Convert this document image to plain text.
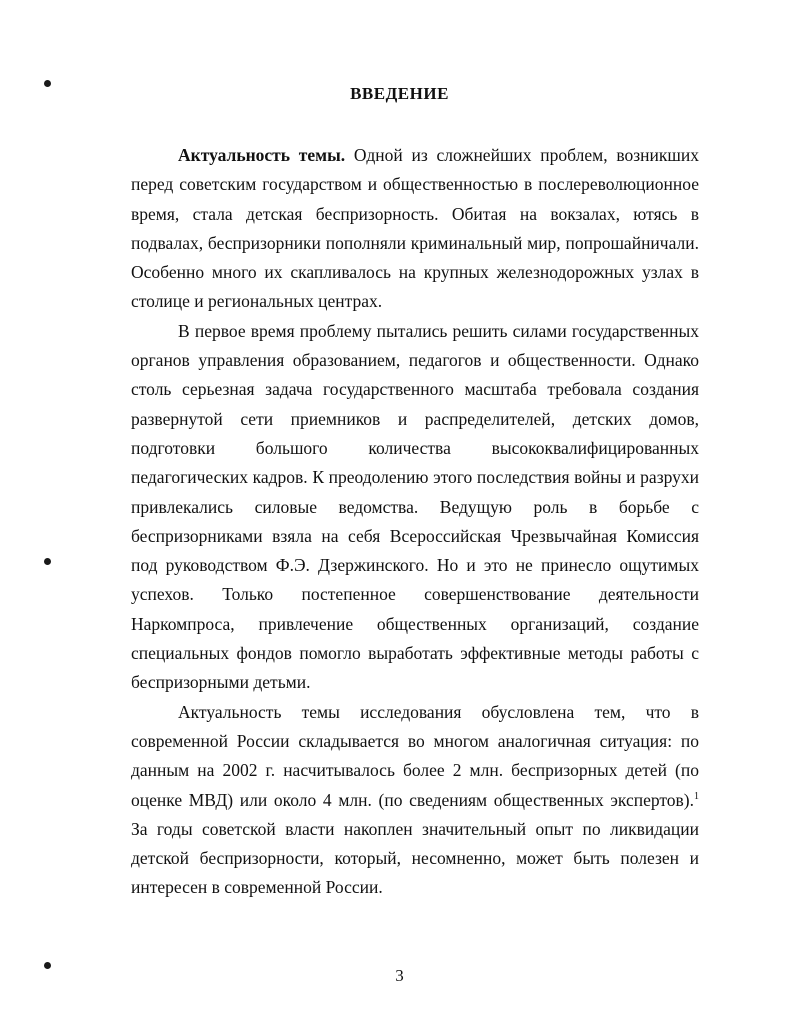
ВВЕДЕНИЕ

Актуальность темы. Одной из сложнейших проблем, возникших перед советским государством и общественностью в послереволюционное время, стала детская беспризорность. Обитая на вокзалах, ютясь в подвалах, беспризорники пополняли криминальный мир, попрошайничали. Особенно много их скапливалось на крупных железнодорожных узлах в столице и региональных центрах.

В первое время проблему пытались решить силами государственных органов управления образованием, педагогов и общественности. Однако столь серьезная задача государственного масштаба требовала создания развернутой сети приемников и распределителей, детских домов, подготовки большого количества высококвалифицированных педагогических кадров. К преодолению этого последствия войны и разрухи привлекались силовые ведомства. Ведущую роль в борьбе с беспризорниками взяла на себя Всероссийская Чрезвычайная Комиссия под руководством Ф.Э. Дзержинского. Но и это не принесло ощутимых успехов. Только постепенное совершенствование деятельности Наркомпроса, привлечение общественных организаций, создание специальных фондов помогло выработать эффективные методы работы с беспризорными детьми.

Актуальность темы исследования обусловлена тем, что в современной России складывается во многом аналогичная ситуация: по данным на 2002 г. насчитывалось более 2 млн. беспризорных детей (по оценке МВД) или около 4 млн. (по сведениям общественных экспертов).$^1$ За годы советской власти накоплен значительный опыт по ликвидации детской беспризорности, который, несомненно, может быть полезен и интересен в современной России.

3
